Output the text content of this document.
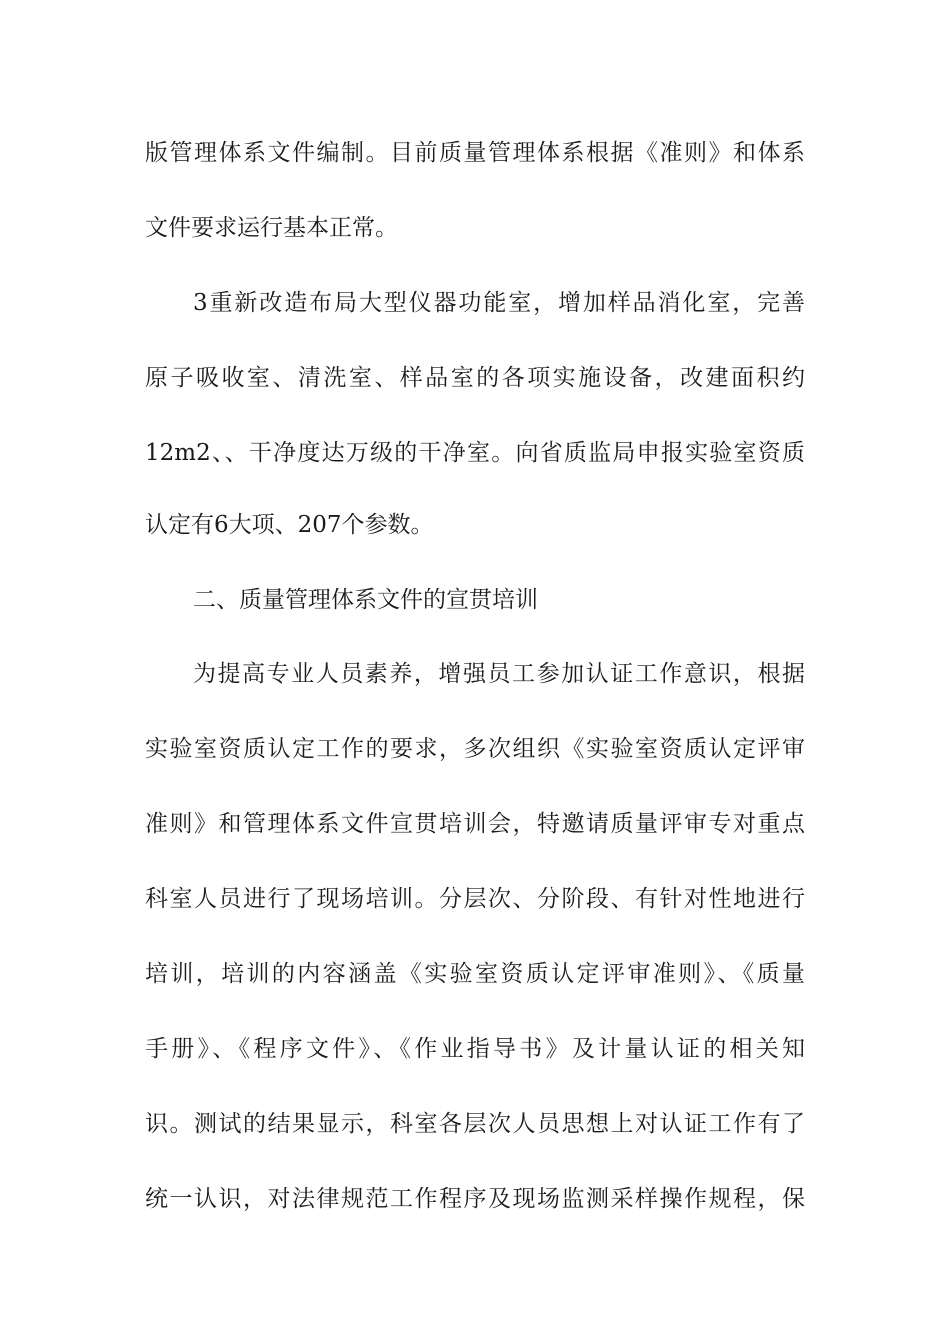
版管理体系文件编制。目前质量管理体系根据《准则》和体系
文件要求运行基本正常。
3重新改造布局大型仪器功能室，增加样品消化室，完善
原子吸收室、清洗室、样品室的各项实施设备，改建面积约
12m2、、干净度达万级的干净室。向省质监局申报实验室资质
认定有6大项、207个参数。
二、质量管理体系文件的宣贯培训
为提高专业人员素养，增强员工参加认证工作意识，根据
实验室资质认定工作的要求，多次组织《实验室资质认定评审
准则》和管理体系文件宣贯培训会，特邀请质量评审专对重点
科室人员进行了现场培训。分层次、分阶段、有针对性地进行
培训，培训的内容涵盖《实验室资质认定评审准则》、《质量
手册》、《程序文件》、《作业指导书》及计量认证的相关知
识。测试的结果显示，科室各层次人员思想上对认证工作有了
统一认识，对法律规范工作程序及现场监测采样操作规程，保
